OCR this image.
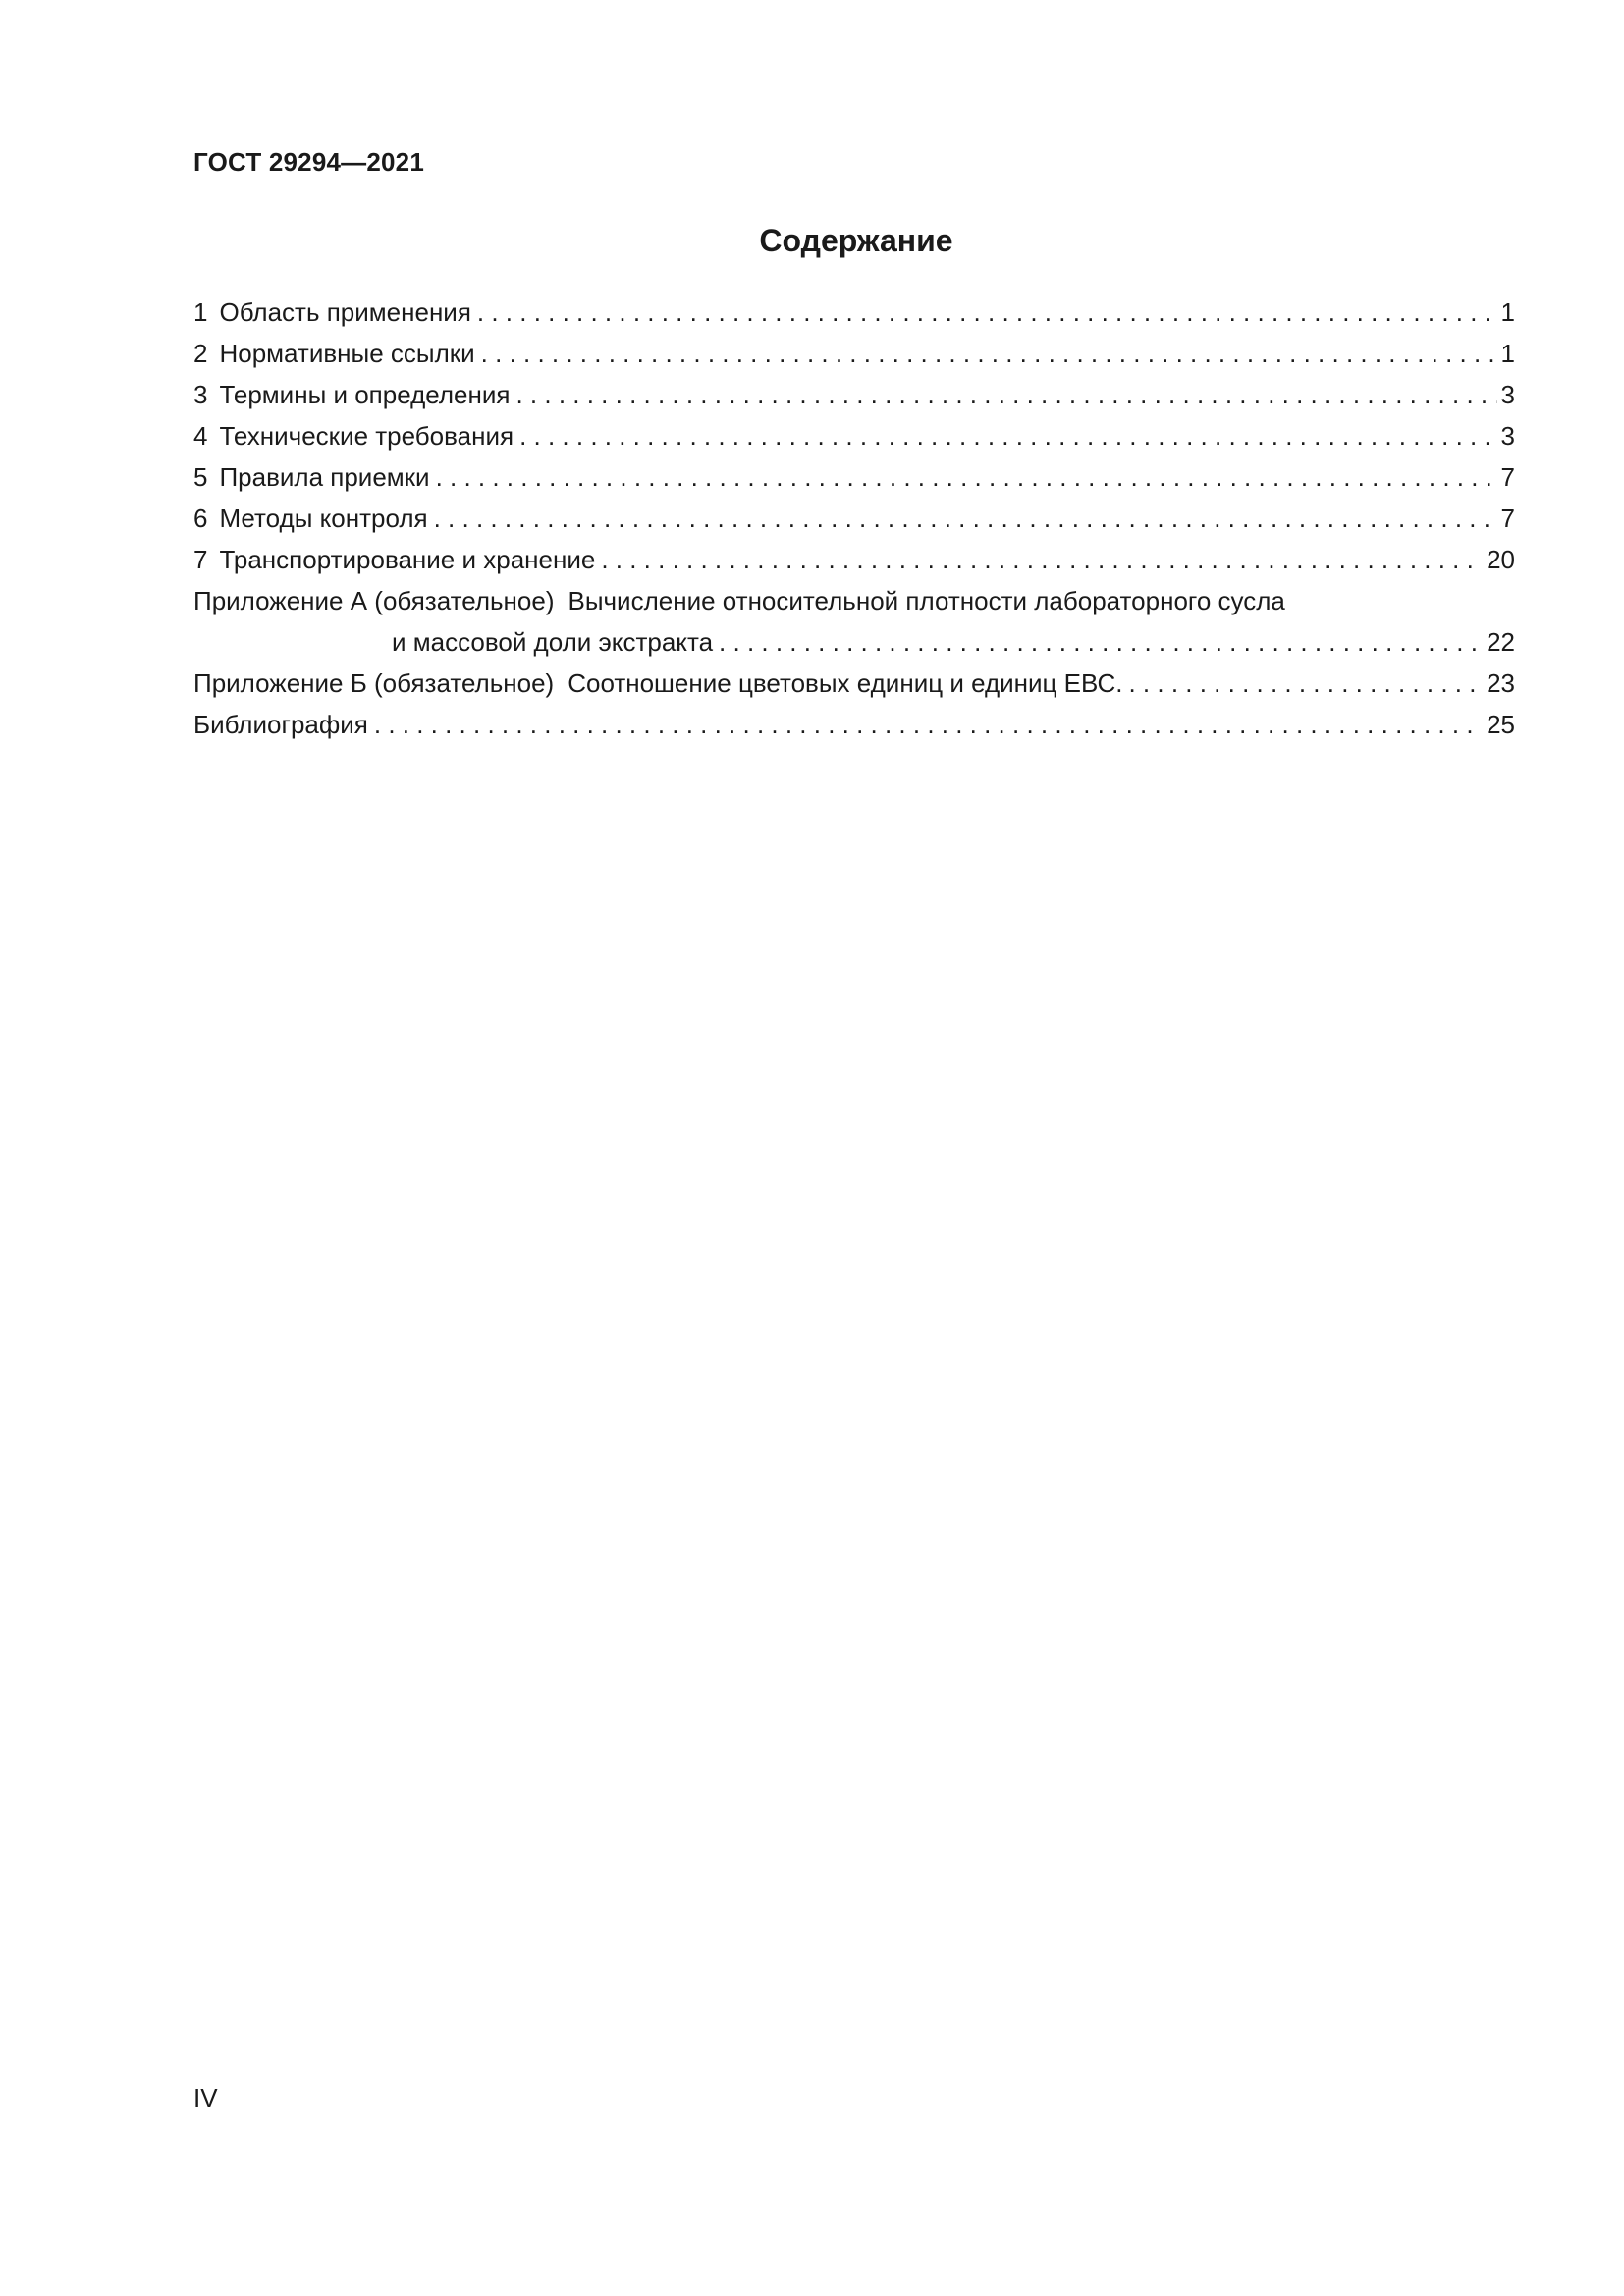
ГОСТ 29294—2021
Содержание
1 Область применения . . .	1
2 Нормативные ссылки . . .	1
3 Термины и определения . . .	3
4 Технические требования . . .	3
5 Правила приемки . . .	7
6 Методы контроля . . .	7
7 Транспортирование и хранение . . .	20
Приложение А (обязательное) Вычисление относительной плотности лабораторного сусла
и массовой доли экстракта . . .	22
Приложение Б (обязательное) Соотношение цветовых единиц и единиц ЕВС. . . .	23
Библиография . . .	25
IV
